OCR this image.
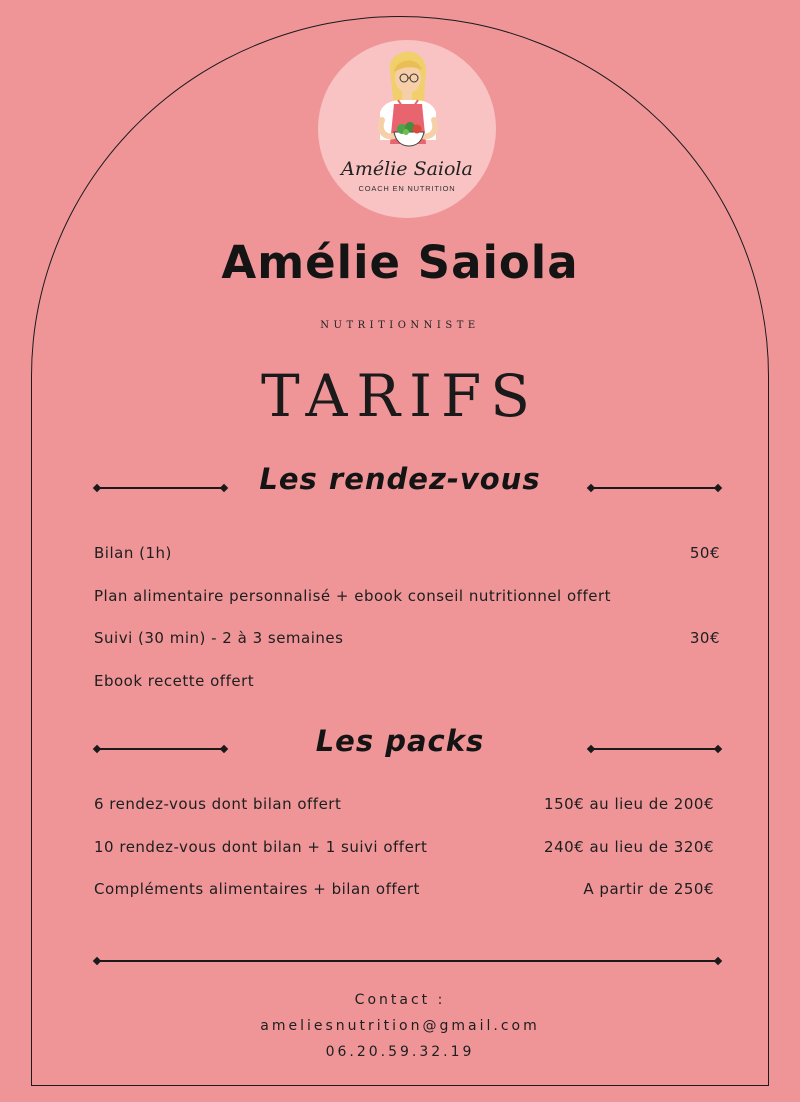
Amélie Saiola
COACH EN NUTRITION
Amélie Saiola
NUTRITIONNISTE
TARIFS
Les rendez-vous
Bilan (1h)	50€
Plan alimentaire personnalisé + ebook conseil nutritionnel offert
Suivi (30 min) - 2 à 3 semaines	30€
Ebook recette offert
Les packs
6 rendez-vous dont bilan offert	150€ au lieu de 200€
10 rendez-vous dont bilan + 1 suivi offert	240€ au lieu de 320€
Compléments alimentaires + bilan offert	A partir de 250€
Contact :
ameliesnutrition@gmail.com
06.20.59.32.19
